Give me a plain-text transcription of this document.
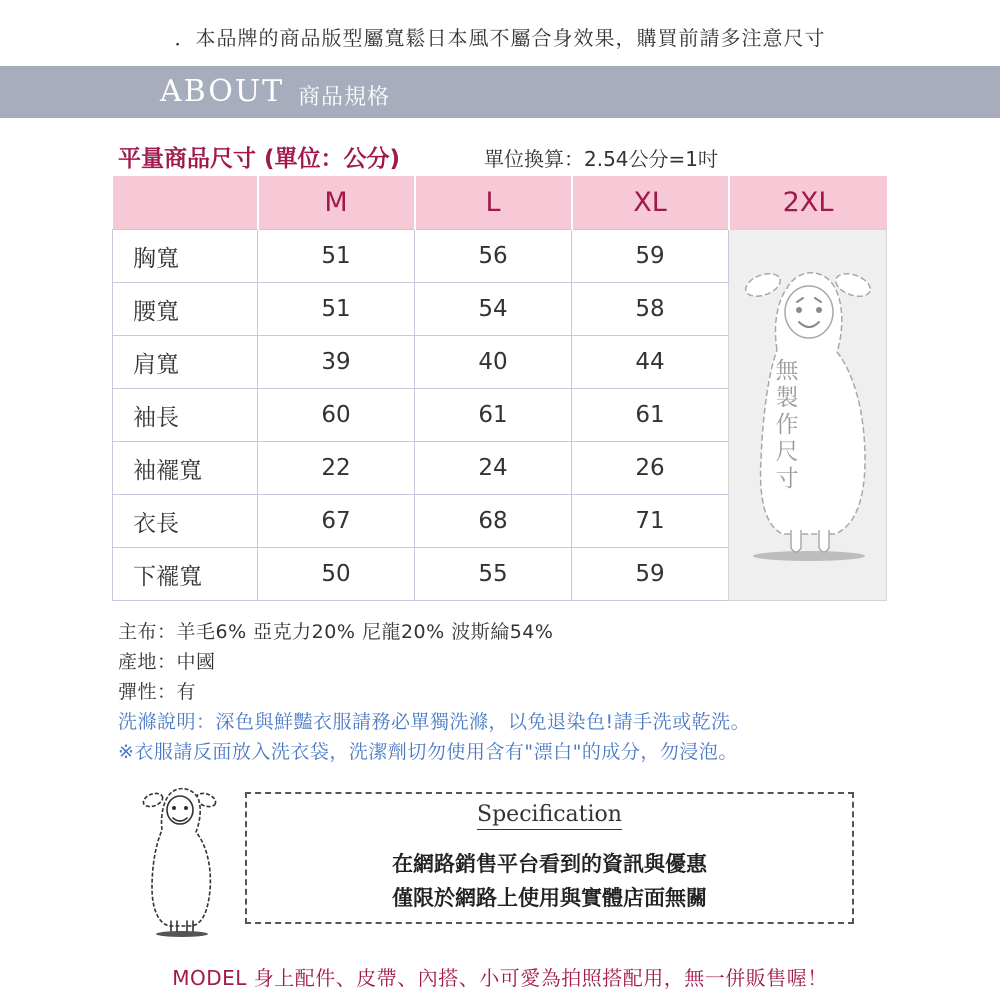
．本品牌的商品版型屬寬鬆日本風不屬合身效果，購買前請多注意尺寸
ABOUT 商品規格
平量商品尺寸 (單位：公分)	單位換算：2.54公分=1吋
	M	L	XL	2XL
胸寬	51	56	59	無
製
作
尺
寸

腰寬	51	54	58	
肩寬	39	40	44	
袖長	60	61	61	
袖襬寬	22	24	26	
衣長	67	68	71	
下襬寬	50	55	59	
主布：羊毛6% 亞克力20% 尼龍20% 波斯綸54%
產地：中國
彈性：有
洗滌說明：深色與鮮豔衣服請務必單獨洗滌，以免退染色!請手洗或乾洗。
※衣服請反面放入洗衣袋，洗潔劑切勿使用含有"漂白"的成分，勿浸泡。
Specification
在網路銷售平台看到的資訊與優惠
僅限於網路上使用與實體店面無關
MODEL 身上配件、皮帶、內搭、小可愛為拍照搭配用，無一併販售喔！
